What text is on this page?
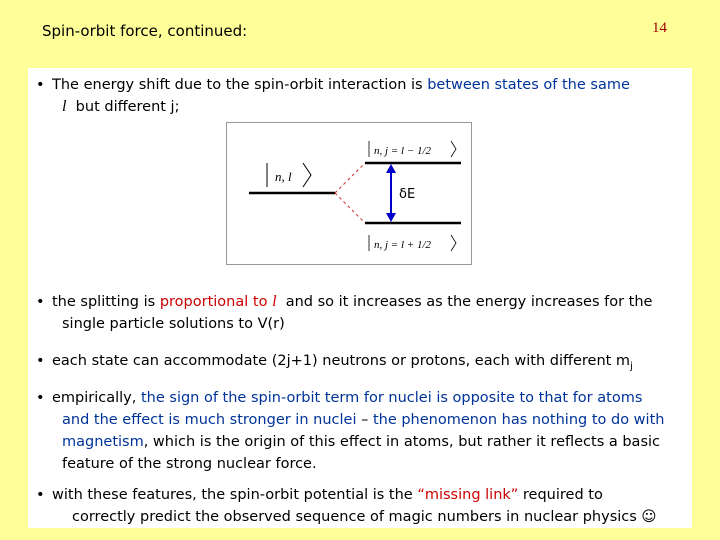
Spin-orbit force, continued:	14
• The energy shift due to the spin-orbit interaction is between states of the same
l but different j;
n, l
n, j = l − 1/2
n, j = l + 1/2
δE
• the splitting is proportional to l and so it increases as the energy increases for the
single particle solutions to V(r)
• each state can accommodate (2j+1) neutrons or protons, each with different $m_j$
• empirically, the sign of the spin-orbit term for nuclei is opposite to that for atoms
and the effect is much stronger in nuclei – the phenomenon has nothing to do with
magnetism, which is the origin of this effect in atoms, but rather it reflects a basic
feature of the strong nuclear force.
• with these features, the spin-orbit potential is the “missing link” required to
correctly predict the observed sequence of magic numbers in nuclear physics ☺
